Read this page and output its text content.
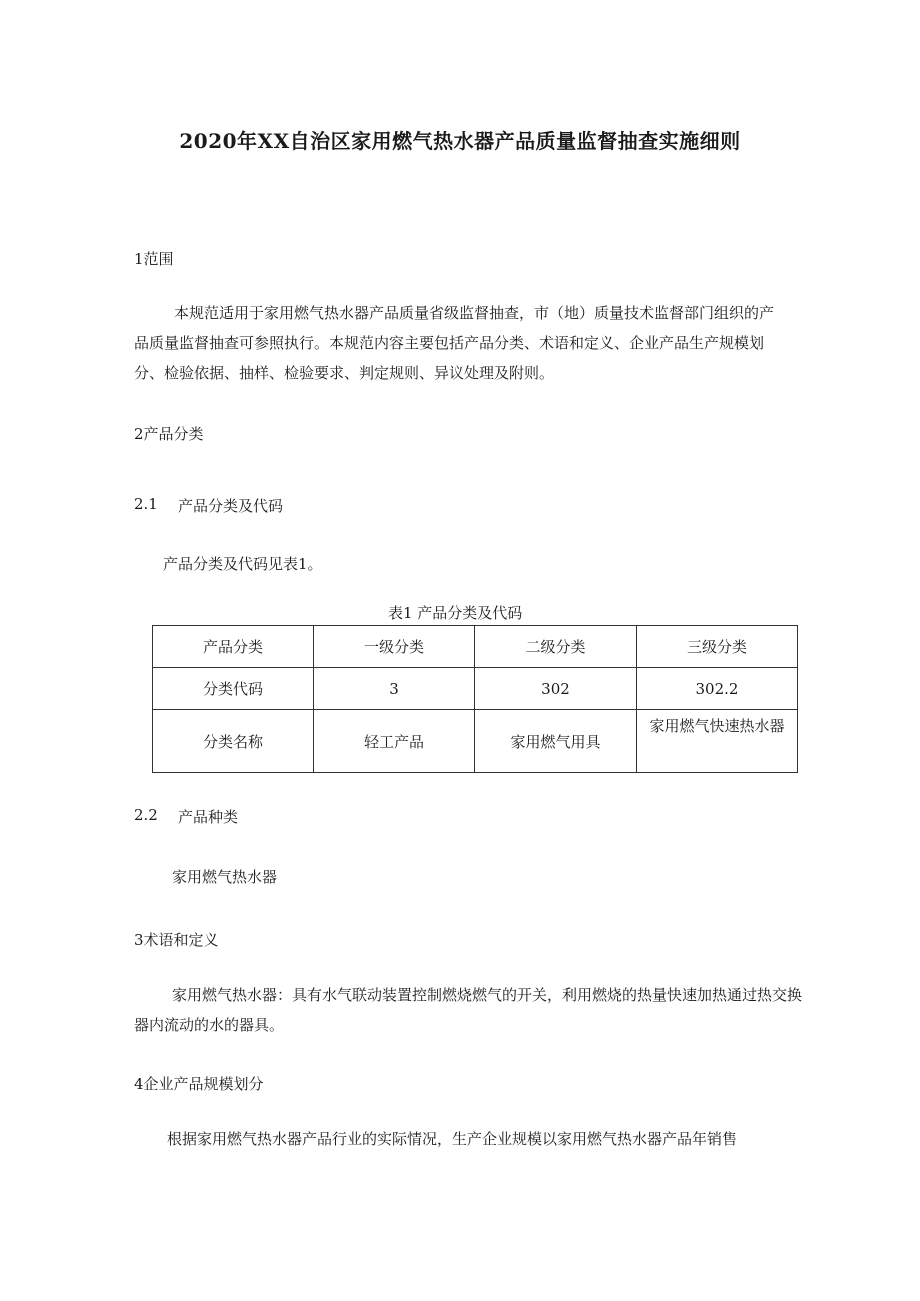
2020年XX自治区家用燃气热水器产品质量监督抽查实施细则

1范围

本规范适用于家用燃气热水器产品质量省级监督抽查，市（地）质量技术监督部门组织的产品质量监督抽查可参照执行。本规范内容主要包括产品分类、术语和定义、企业产品生产规模划分、检验依据、抽样、检验要求、判定规则、异议处理及附则。

2产品分类

2.1 产品分类及代码

产品分类及代码见表1。

表1 产品分类及代码

产品分类	一级分类	二级分类	三级分类
分类代码	3	302	302.2
分类名称	轻工产品	家用燃气用具	家用燃气快速热水器

2.2 产品种类

家用燃气热水器

3术语和定义

家用燃气热水器：具有水气联动装置控制燃烧燃气的开关，利用燃烧的热量快速加热通过热交换器内流动的水的器具。

4企业产品规模划分

根据家用燃气热水器产品行业的实际情况，生产企业规模以家用燃气热水器产品年销售
